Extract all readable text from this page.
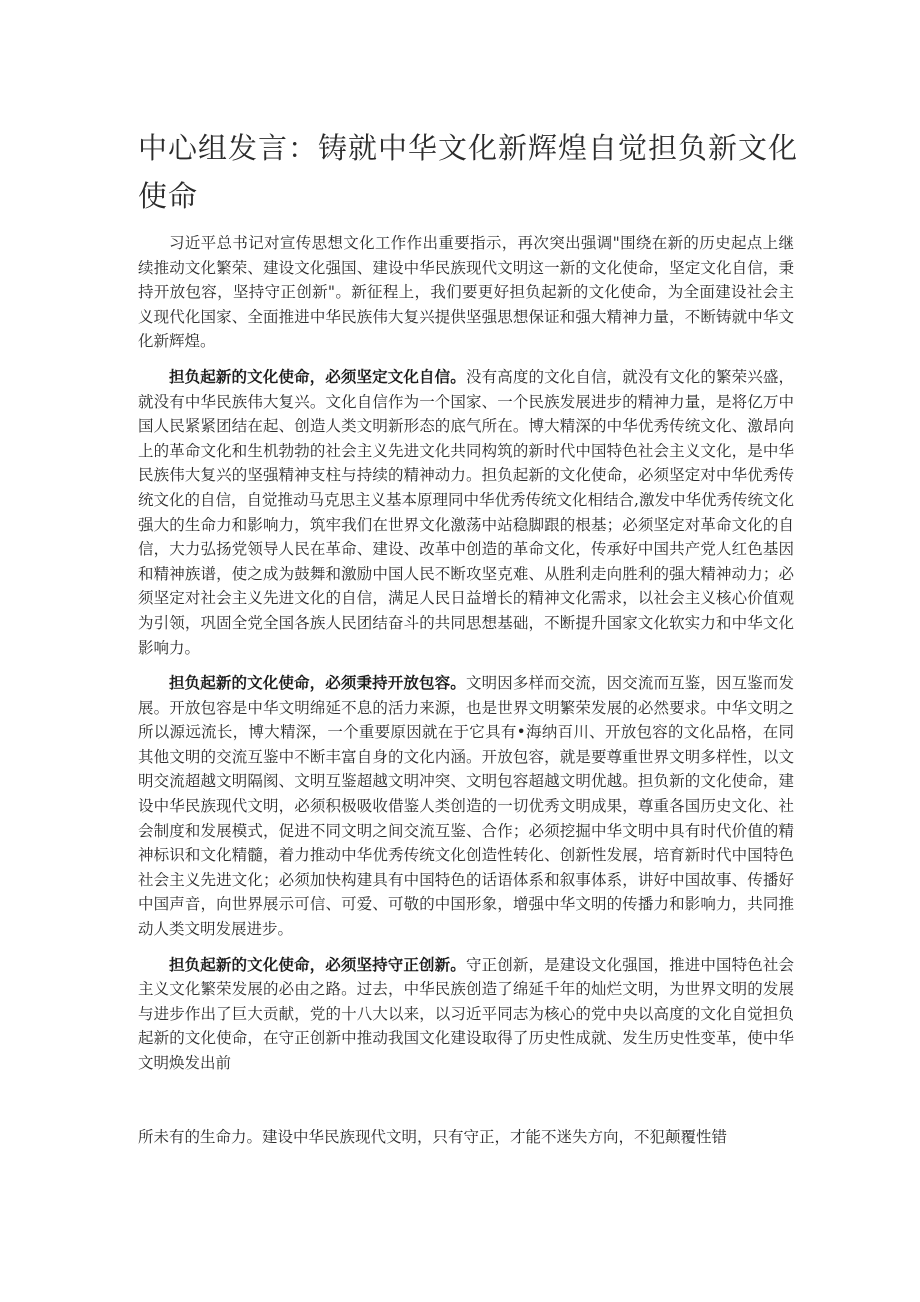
中心组发言：铸就中华文化新辉煌自觉担负新文化使命

习近平总书记对宣传思想文化工作作出重要指示，再次突出强调"围绕在新的历史起点上继续推动文化繁荣、建设文化强国、建设中华民族现代文明这一新的文化使命，坚定文化自信，秉持开放包容，坚持守正创新"。新征程上，我们要更好担负起新的文化使命，为全面建设社会主义现代化国家、全面推进中华民族伟大复兴提供坚强思想保证和强大精神力量，不断铸就中华文化新辉煌。

担负起新的文化使命，必须坚定文化自信。没有高度的文化自信，就没有文化的繁荣兴盛，就没有中华民族伟大复兴。文化自信作为一个国家、一个民族发展进步的精神力量，是将亿万中国人民紧紧团结在起、创造人类文明新形态的底气所在。博大精深的中华优秀传统文化、激昂向上的革命文化和生机勃勃的社会主义先进文化共同构筑的新时代中国特色社会主义文化，是中华民族伟大复兴的坚强精神支柱与持续的精神动力。担负起新的文化使命，必须坚定对中华优秀传统文化的自信，自觉推动马克思主义基本原理同中华优秀传统文化相结合,激发中华优秀传统文化强大的生命力和影响力，筑牢我们在世界文化激荡中站稳脚跟的根基；必须坚定对革命文化的自信，大力弘扬党领导人民在革命、建设、改革中创造的革命文化，传承好中国共产党人红色基因和精神族谱，使之成为鼓舞和激励中国人民不断攻坚克难、从胜利走向胜利的强大精神动力；必须坚定对社会主义先进文化的自信，满足人民日益增长的精神文化需求，以社会主义核心价值观为引领，巩固全党全国各族人民团结奋斗的共同思想基础，不断提升国家文化软实力和中华文化影响力。

担负起新的文化使命，必须秉持开放包容。文明因多样而交流，因交流而互鉴，因互鉴而发展。开放包容是中华文明绵延不息的活力来源，也是世界文明繁荣发展的必然要求。中华文明之所以源远流长，博大精深，一个重要原因就在于它具有•海纳百川、开放包容的文化品格，在同其他文明的交流互鉴中不断丰富自身的文化内涵。开放包容，就是要尊重世界文明多样性，以文明交流超越文明隔阂、文明互鉴超越文明冲突、文明包容超越文明优越。担负新的文化使命，建设中华民族现代文明，必须积极吸收借鉴人类创造的一切优秀文明成果，尊重各国历史文化、社会制度和发展模式，促进不同文明之间交流互鉴、合作；必须挖掘中华文明中具有时代价值的精神标识和文化精髓，着力推动中华优秀传统文化创造性转化、创新性发展，培育新时代中国特色社会主义先进文化；必须加快构建具有中国特色的话语体系和叙事体系，讲好中国故事、传播好中国声音，向世界展示可信、可爱、可敬的中国形象，增强中华文明的传播力和影响力，共同推动人类文明发展进步。

担负起新的文化使命，必须坚持守正创新。守正创新，是建设文化强国，推进中国特色社会主义文化繁荣发展的必由之路。过去，中华民族创造了绵延千年的灿烂文明，为世界文明的发展与进步作出了巨大贡献，党的十八大以来，以习近平同志为核心的党中央以高度的文化自觉担负起新的文化使命，在守正创新中推动我国文化建设取得了历史性成就、发生历史性变革，使中华文明焕发出前

所未有的生命力。建设中华民族现代文明，只有守正，才能不迷失方向，不犯颠覆性错
